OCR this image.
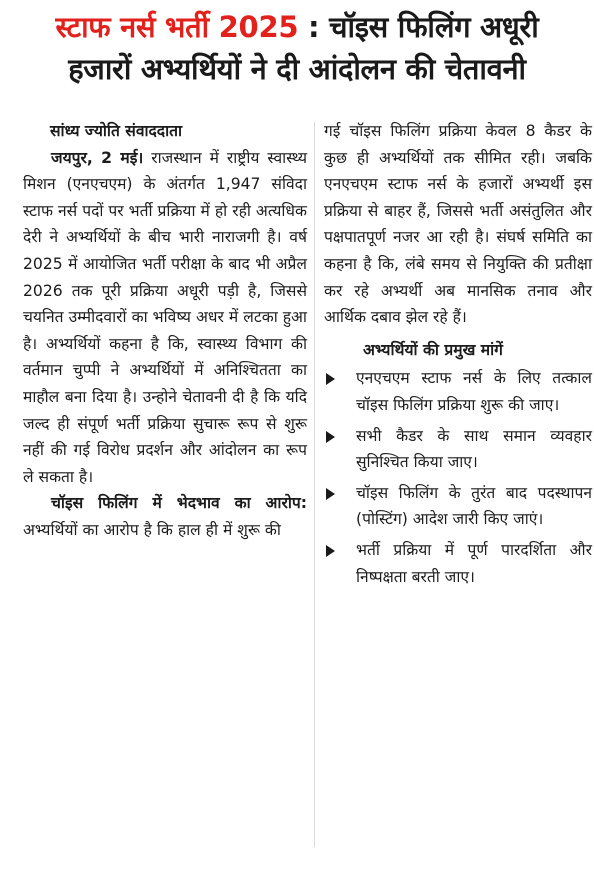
स्टाफ नर्स भर्ती 2025 : चॉइस फिलिंग अधूरी
हजारों अभ्यर्थियों ने दी आंदोलन की चेतावनी

सांध्य ज्योति संवाददाता

जयपुर, 2 मई। राजस्थान में राष्ट्रीय स्वास्थ्य मिशन (एनएचएम) के अंतर्गत 1,947 संविदा स्टाफ नर्स पदों पर भर्ती प्रक्रिया में हो रही अत्यधिक देरी ने अभ्यर्थियों के बीच भारी नाराजगी है। वर्ष 2025 में आयोजित भर्ती परीक्षा के बाद भी अप्रैल 2026 तक पूरी प्रक्रिया अधूरी पड़ी है, जिससे चयनित उम्मीदवारों का भविष्य अधर में लटका हुआ है। अभ्यर्थियों कहना है कि, स्वास्थ्य विभाग की वर्तमान चुप्पी ने अभ्यर्थियों में अनिश्चितता का माहौल बना दिया है। उन्होने चेतावनी दी है कि यदि जल्द ही संपूर्ण भर्ती प्रक्रिया सुचारू रूप से शुरू नहीं की गई विरोध प्रदर्शन और आंदोलन का रूप ले सकता है।

चॉइस फिलिंग में भेदभाव का आरोप: अभ्यर्थियों का आरोप है कि हाल ही में शुरू की

गई चॉइस फिलिंग प्रक्रिया केवल 8 कैडर के कुछ ही अभ्यर्थियों तक सीमित रही। जबकि एनएचएम स्टाफ नर्स के हजारों अभ्यर्थी इस प्रक्रिया से बाहर हैं, जिससे भर्ती असंतुलित और पक्षपातपूर्ण नजर आ रही है। संघर्ष समिति का कहना है कि, लंबे समय से नियुक्ति की प्रतीक्षा कर रहे अभ्यर्थी अब मानसिक तनाव और आर्थिक दबाव झेल रहे हैं।

अभ्यर्थियों की प्रमुख मांगें

एनएचएम स्टाफ नर्स के लिए तत्काल चॉइस फिलिंग प्रक्रिया शुरू की जाए।
सभी कैडर के साथ समान व्यवहार सुनिश्चित किया जाए।
चॉइस फिलिंग के तुरंत बाद पदस्थापन (पोस्टिंग) आदेश जारी किए जाएं।
भर्ती प्रक्रिया में पूर्ण पारदर्शिता और निष्पक्षता बरती जाए।
